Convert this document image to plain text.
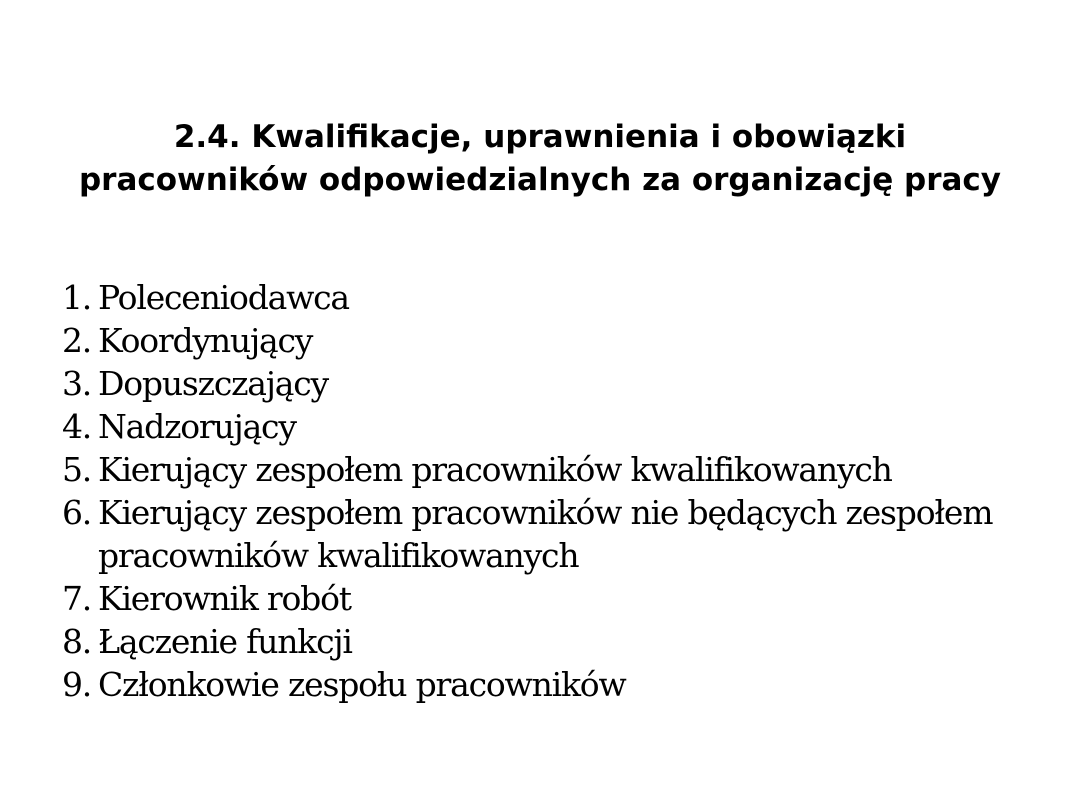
2.4. Kwalifikacje, uprawnienia i obowiązki pracowników odpowiedzialnych za organizację pracy
1. Poleceniodawca
2. Koordynujący
3. Dopuszczający
4. Nadzorujący
5. Kierujący zespołem pracowników kwalifikowanych
6. Kierujący zespołem pracowników nie będących zespołem pracowników kwalifikowanych
7. Kierownik robót
8. Łączenie funkcji
9. Członkowie zespołu pracowników
